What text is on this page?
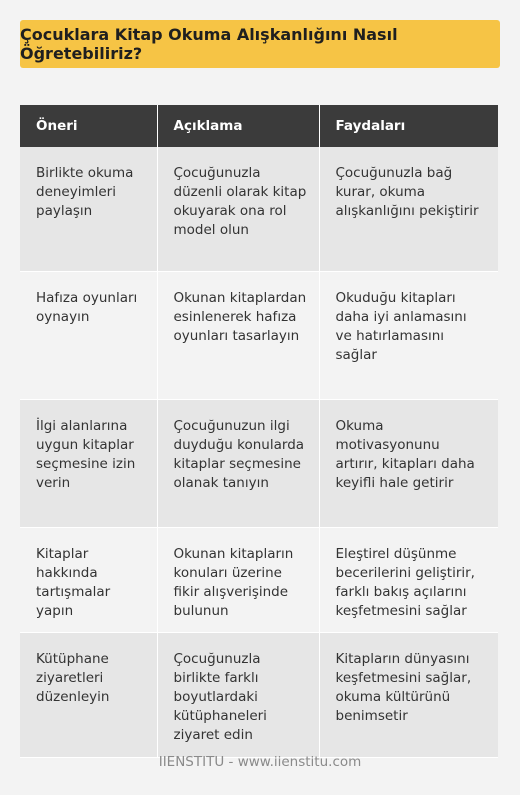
Çocuklara Kitap Okuma Alışkanlığını Nasıl Öğretebiliriz?
Öneri	Açıklama	Faydaları
Birlikte okuma deneyimleri paylaşın	Çocuğunuzla düzenli olarak kitap okuyarak ona rol model olun	Çocuğunuzla bağ kurar, okuma alışkanlığını pekiştirir
Hafıza oyunları oynayın	Okunan kitaplardan esinlenerek hafıza oyunları tasarlayın	Okuduğu kitapları daha iyi anlamasını ve hatırlamasını sağlar
İlgi alanlarına uygun kitaplar seçmesine izin verin	Çocuğunuzun ilgi duyduğu konularda kitaplar seçmesine olanak tanıyın	Okuma motivasyonunu artırır, kitapları daha keyifli hale getirir
Kitaplar hakkında tartışmalar yapın	Okunan kitapların konuları üzerine fikir alışverişinde bulunun	Eleştirel düşünme becerilerini geliştirir, farklı bakış açılarını keşfetmesini sağlar
Kütüphane ziyaretleri düzenleyin	Çocuğunuzla birlikte farklı boyutlardaki kütüphaneleri ziyaret edin	Kitapların dünyasını keşfetmesini sağlar, okuma kültürünü benimsetir
IIENSTITU - www.iienstitu.com
